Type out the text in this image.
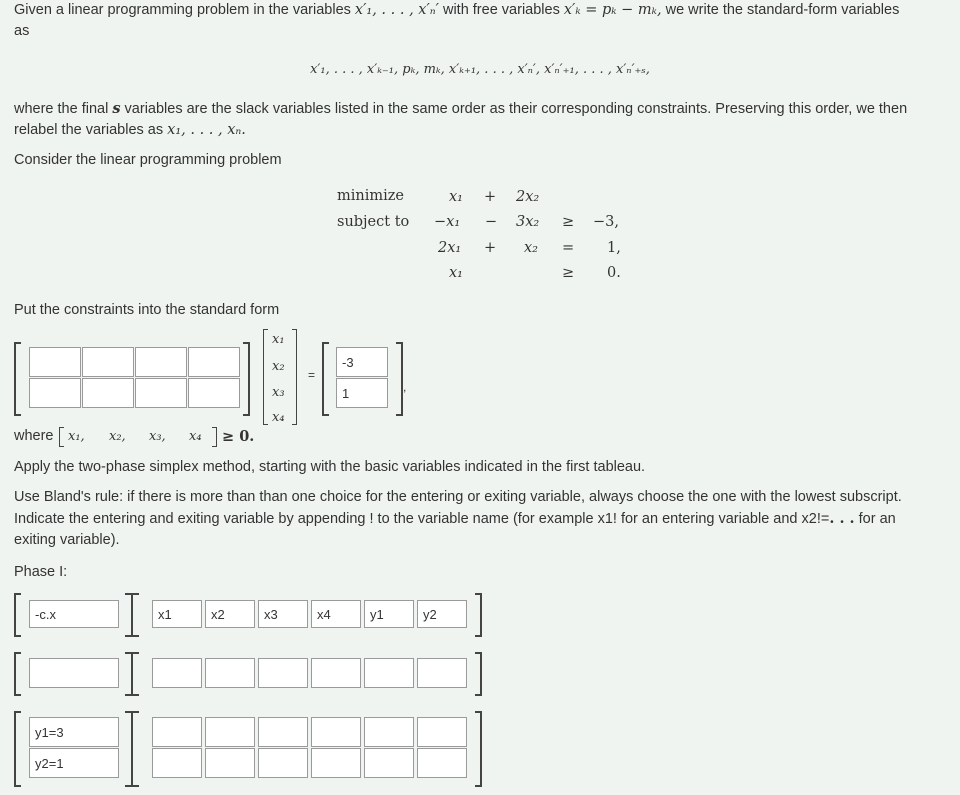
Given a linear programming problem in the variables x′₁, . . . , x′ₙ′ with free variables x′ₖ = pₖ − mₖ, we write the standard-form variables
as

x′₁, . . . , x′ₖ₋₁, pₖ, mₖ, x′ₖ₊₁, . . . , x′ₙ′, x′ₙ′₊₁, . . . , x′ₙ′₊ₛ,

where the final s variables are the slack variables listed in the same order as their corresponding constraints. Preserving this order, we then relabel the variables as x₁, . . . , xₙ.

Consider the linear programming problem

minimize
subject to
x₁ + 2x₂
−x₁ − 3x₂ ≥ −3,
2x₁ + x₂ = 1,
x₁	≥ 0.

Put the constraints into the standard form

x₁
x₂
x₃
x₄
=
-3
1
,
where x₁, x₂, x₃, x₄ ≥ 0.

Apply the two-phase simplex method, starting with the basic variables indicated in the first tableau.

Use Bland's rule: if there is more than than one choice for the entering or exiting variable, always choose the one with the lowest subscript. Indicate the entering and exiting variable by appending ! to the variable name (for example x1! for an entering variable and x2!=. . . for an
exiting variable).

Phase I:

-c.x
x1
x2
x3
x4
y1
y2
y1=3
y2=1
